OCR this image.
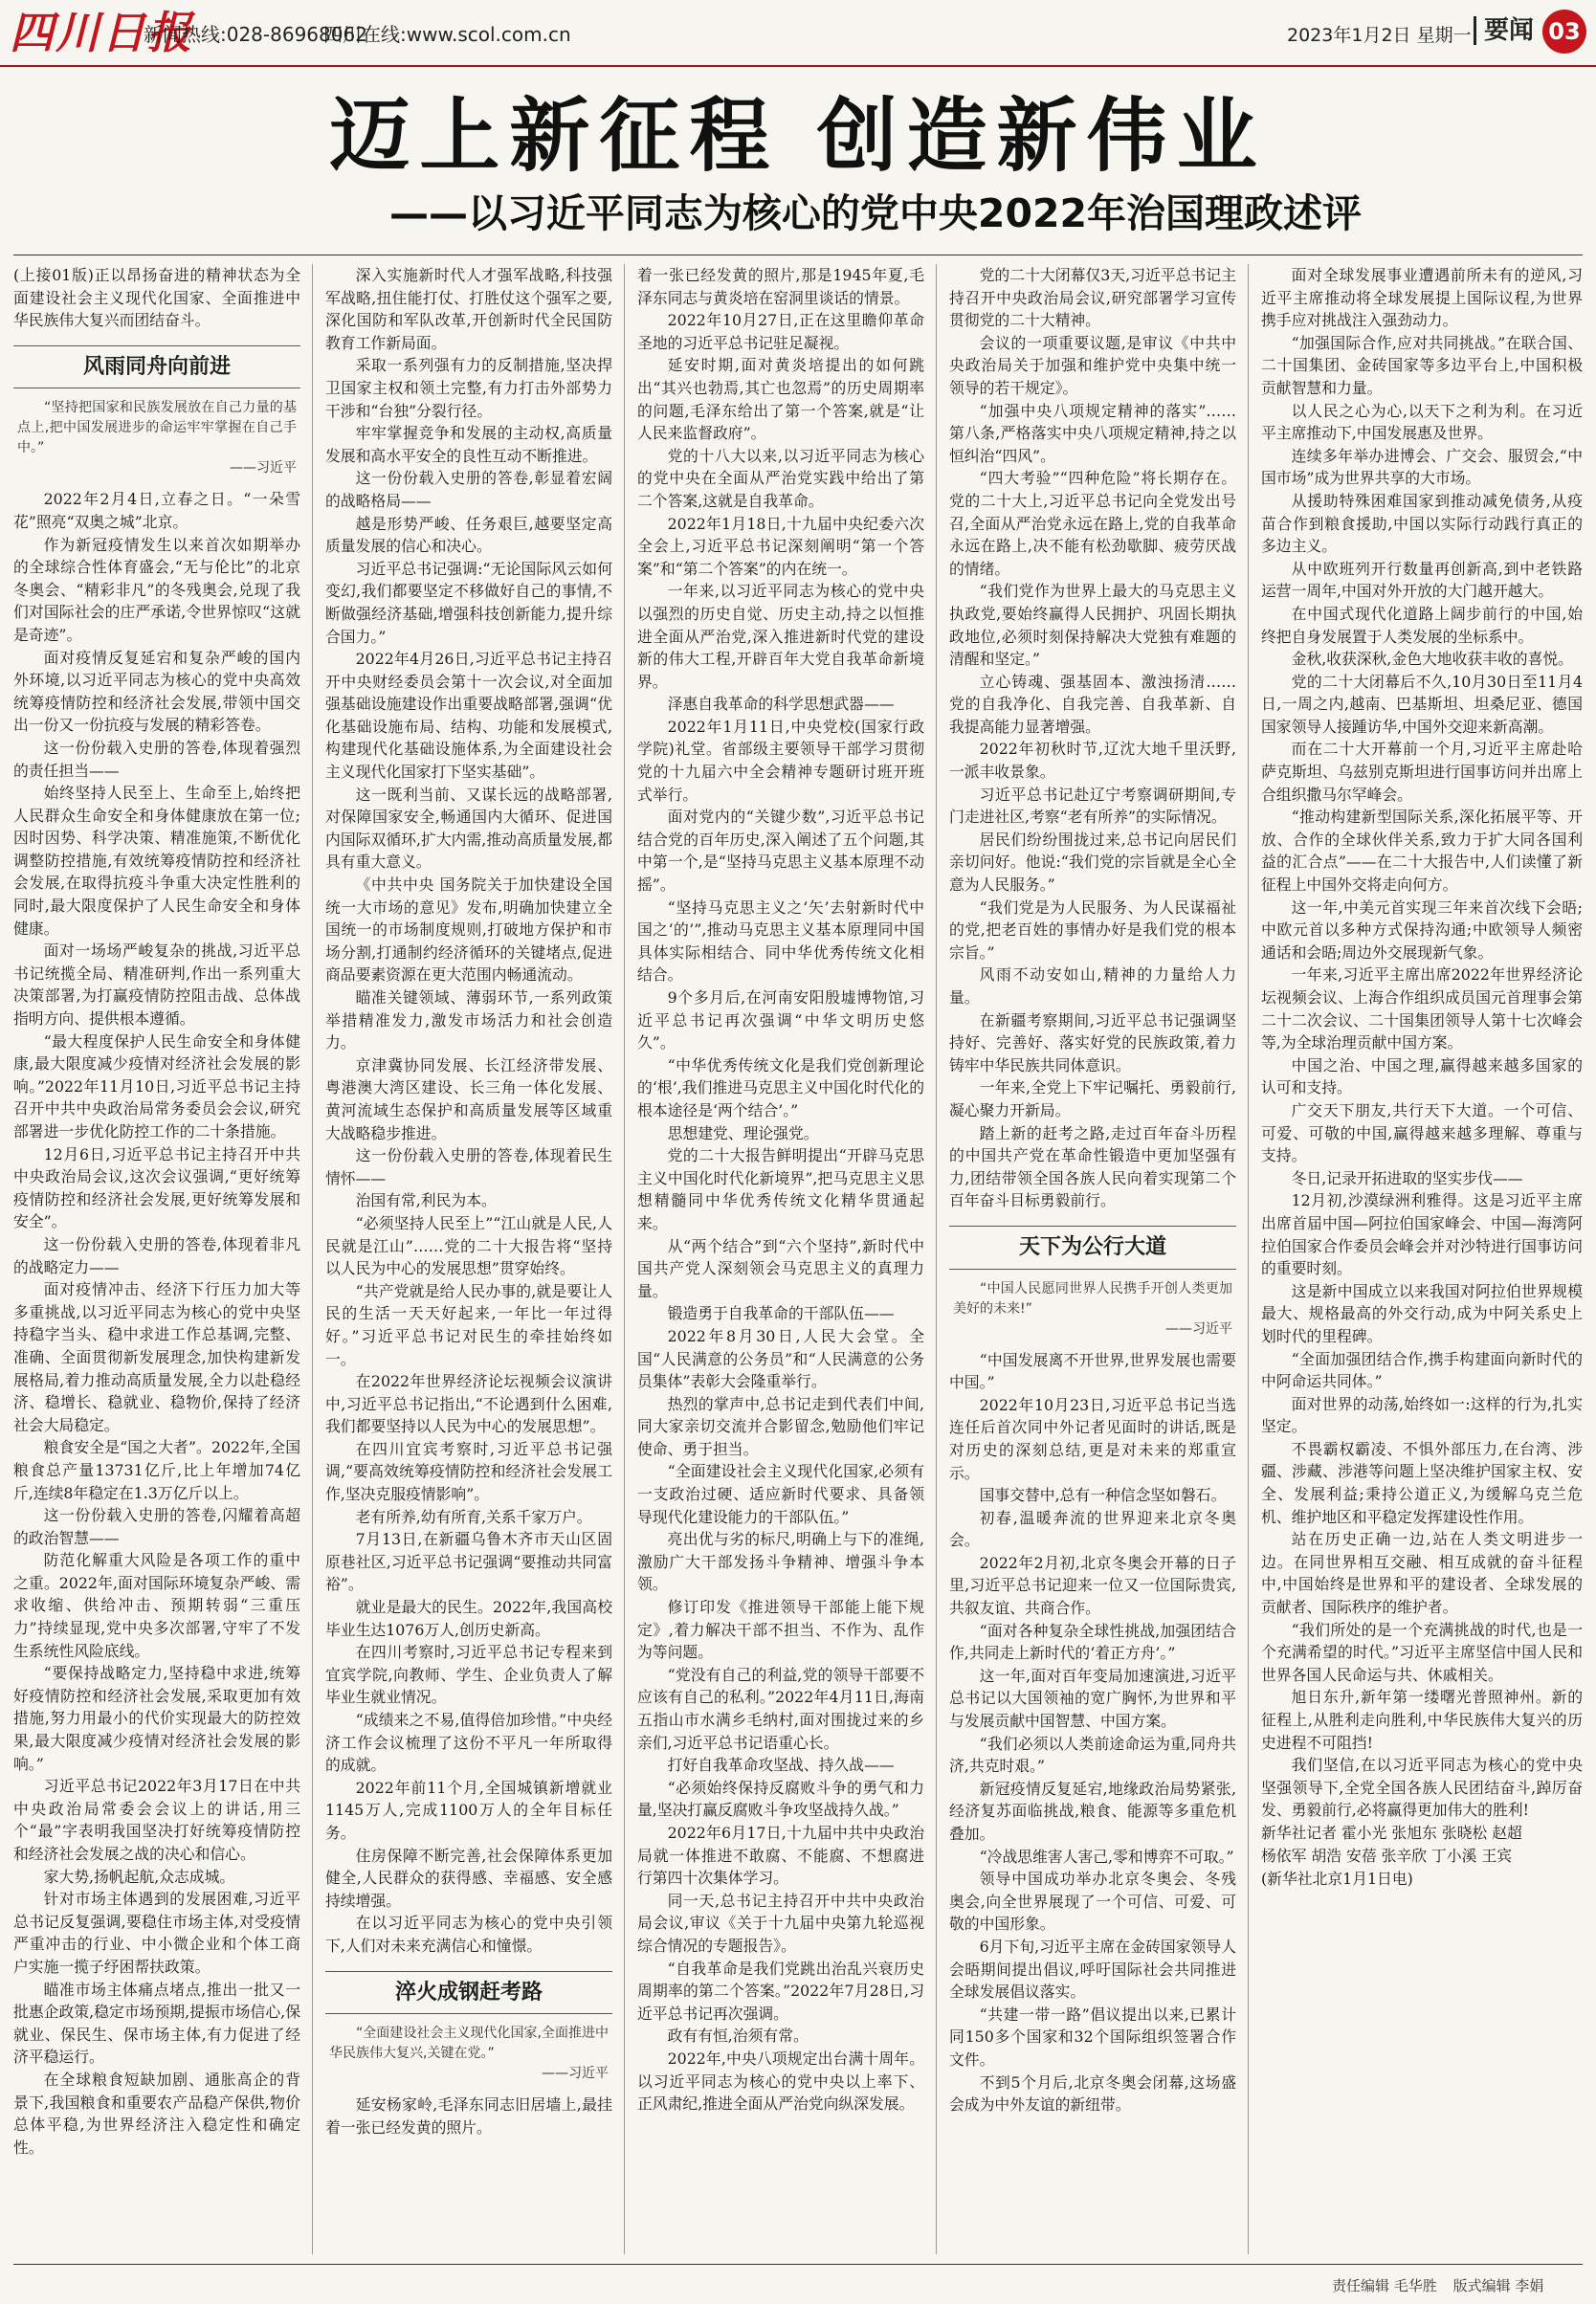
四川日报
新闻热线:028-86968062
四川在线:www.scol.com.cn	2023年1月2日 星期一 要闻 03
迈上新征程 创造新伟业
——以习近平同志为核心的党中央2022年治国理政述评

(上接01版)正以昂扬奋进的精神状态为全面建设社会主义现代化国家、全面推进中华民族伟大复兴而团结奋斗。

风雨同舟向前进
“坚持把国家和民族发展放在自己力量的基点上,把中国发展进步的命运牢牢掌握在自己手中。”
——习近平

2022年2月4日,立春之日。“一朵雪花”照亮“双奥之城”北京。

作为新冠疫情发生以来首次如期举办的全球综合性体育盛会,“无与伦比”的北京冬奥会、“精彩非凡”的冬残奥会,兑现了我们对国际社会的庄严承诺,令世界惊叹“这就是奇迹”。

面对疫情反复延宕和复杂严峻的国内外环境,以习近平同志为核心的党中央高效统筹疫情防控和经济社会发展,带领中国交出一份又一份抗疫与发展的精彩答卷。

这一份份载入史册的答卷,体现着强烈的责任担当——

始终坚持人民至上、生命至上,始终把人民群众生命安全和身体健康放在第一位;因时因势、科学决策、精准施策,不断优化调整防控措施,有效统筹疫情防控和经济社会发展,在取得抗疫斗争重大决定性胜利的同时,最大限度保护了人民生命安全和身体健康。

面对一场场严峻复杂的挑战,习近平总书记统揽全局、精准研判,作出一系列重大决策部署,为打赢疫情防控阻击战、总体战指明方向、提供根本遵循。

“最大程度保护人民生命安全和身体健康,最大限度减少疫情对经济社会发展的影响。”2022年11月10日,习近平总书记主持召开中共中央政治局常务委员会会议,研究部署进一步优化防控工作的二十条措施。

12月6日,习近平总书记主持召开中共中央政治局会议,这次会议强调,“更好统筹疫情防控和经济社会发展,更好统筹发展和安全”。

这一份份载入史册的答卷,体现着非凡的战略定力——

面对疫情冲击、经济下行压力加大等多重挑战,以习近平同志为核心的党中央坚持稳字当头、稳中求进工作总基调,完整、准确、全面贯彻新发展理念,加快构建新发展格局,着力推动高质量发展,全力以赴稳经济、稳增长、稳就业、稳物价,保持了经济社会大局稳定。

粮食安全是“国之大者”。2022年,全国粮食总产量13731亿斤,比上年增加74亿斤,连续8年稳定在1.3万亿斤以上。

这一份份载入史册的答卷,闪耀着高超的政治智慧——

防范化解重大风险是各项工作的重中之重。2022年,面对国际环境复杂严峻、需求收缩、供给冲击、预期转弱“三重压力”持续显现,党中央多次部署,守牢了不发生系统性风险底线。

“要保持战略定力,坚持稳中求进,统筹好疫情防控和经济社会发展,采取更加有效措施,努力用最小的代价实现最大的防控效果,最大限度减少疫情对经济社会发展的影响。”

习近平总书记2022年3月17日在中共中央政治局常委会会议上的讲话,用三个“最”字表明我国坚决打好统筹疫情防控和经济社会发展之战的决心和信心。

家大势,扬帆起航,众志成城。

针对市场主体遇到的发展困难,习近平总书记反复强调,要稳住市场主体,对受疫情严重冲击的行业、中小微企业和个体工商户实施一揽子纾困帮扶政策。

瞄准市场主体痛点堵点,推出一批又一批惠企政策,稳定市场预期,提振市场信心,保就业、保民生、保市场主体,有力促进了经济平稳运行。

在全球粮食短缺加剧、通胀高企的背景下,我国粮食和重要农产品稳产保供,物价总体平稳,为世界经济注入稳定性和确定性。

深入实施新时代人才强军战略,科技强军战略,扭住能打仗、打胜仗这个强军之要,深化国防和军队改革,开创新时代全民国防教育工作新局面。

采取一系列强有力的反制措施,坚决捍卫国家主权和领土完整,有力打击外部势力干涉和“台独”分裂行径。

牢牢掌握竞争和发展的主动权,高质量发展和高水平安全的良性互动不断推进。

这一份份载入史册的答卷,彰显着宏阔的战略格局——

越是形势严峻、任务艰巨,越要坚定高质量发展的信心和决心。

习近平总书记强调:“无论国际风云如何变幻,我们都要坚定不移做好自己的事情,不断做强经济基础,增强科技创新能力,提升综合国力。”

2022年4月26日,习近平总书记主持召开中央财经委员会第十一次会议,对全面加强基础设施建设作出重要战略部署,强调“优化基础设施布局、结构、功能和发展模式,构建现代化基础设施体系,为全面建设社会主义现代化国家打下坚实基础”。

这一既利当前、又谋长远的战略部署,对保障国家安全,畅通国内大循环、促进国内国际双循环,扩大内需,推动高质量发展,都具有重大意义。

《中共中央 国务院关于加快建设全国统一大市场的意见》发布,明确加快建立全国统一的市场制度规则,打破地方保护和市场分割,打通制约经济循环的关键堵点,促进商品要素资源在更大范围内畅通流动。

瞄准关键领域、薄弱环节,一系列政策举措精准发力,激发市场活力和社会创造力。

京津冀协同发展、长江经济带发展、粤港澳大湾区建设、长三角一体化发展、黄河流域生态保护和高质量发展等区域重大战略稳步推进。

这一份份载入史册的答卷,体现着民生情怀——

治国有常,利民为本。

“必须坚持人民至上”“江山就是人民,人民就是江山”……党的二十大报告将“坚持以人民为中心的发展思想”贯穿始终。

“共产党就是给人民办事的,就是要让人民的生活一天天好起来,一年比一年过得好。”习近平总书记对民生的牵挂始终如一。

在2022年世界经济论坛视频会议演讲中,习近平总书记指出,“不论遇到什么困难,我们都要坚持以人民为中心的发展思想”。

在四川宜宾考察时,习近平总书记强调,“要高效统筹疫情防控和经济社会发展工作,坚决克服疫情影响”。

老有所养,幼有所育,关系千家万户。

7月13日,在新疆乌鲁木齐市天山区固原巷社区,习近平总书记强调“要推动共同富裕”。

就业是最大的民生。2022年,我国高校毕业生达1076万人,创历史新高。

在四川考察时,习近平总书记专程来到宜宾学院,向教师、学生、企业负责人了解毕业生就业情况。

“成绩来之不易,值得倍加珍惜。”中央经济工作会议梳理了这份不平凡一年所取得的成就。

2022年前11个月,全国城镇新增就业1145万人,完成1100万人的全年目标任务。

住房保障不断完善,社会保障体系更加健全,人民群众的获得感、幸福感、安全感持续增强。

在以习近平同志为核心的党中央引领下,人们对未来充满信心和憧憬。

淬火成钢赶考路
“全面建设社会主义现代化国家,全面推进中华民族伟大复兴,关键在党。”
——习近平

延安杨家岭,毛泽东同志旧居墙上,最挂着一张已经发黄的照片。

着一张已经发黄的照片,那是1945年夏,毛泽东同志与黄炎培在窑洞里谈话的情景。

2022年10月27日,正在这里瞻仰革命圣地的习近平总书记驻足凝视。

延安时期,面对黄炎培提出的如何跳出“其兴也勃焉,其亡也忽焉”的历史周期率的问题,毛泽东给出了第一个答案,就是“让人民来监督政府”。

党的十八大以来,以习近平同志为核心的党中央在全面从严治党实践中给出了第二个答案,这就是自我革命。

2022年1月18日,十九届中央纪委六次全会上,习近平总书记深刻阐明“第一个答案”和“第二个答案”的内在统一。

一年来,以习近平同志为核心的党中央以强烈的历史自觉、历史主动,持之以恒推进全面从严治党,深入推进新时代党的建设新的伟大工程,开辟百年大党自我革命新境界。

泽惠自我革命的科学思想武器——

2022年1月11日,中央党校(国家行政学院)礼堂。省部级主要领导干部学习贯彻党的十九届六中全会精神专题研讨班开班式举行。

面对党内的“关键少数”,习近平总书记结合党的百年历史,深入阐述了五个问题,其中第一个,是“坚持马克思主义基本原理不动摇”。

“坚持马克思主义之‘矢’去射新时代中国之‘的’”,推动马克思主义基本原理同中国具体实际相结合、同中华优秀传统文化相结合。

9个多月后,在河南安阳殷墟博物馆,习近平总书记再次强调“中华文明历史悠久”。

“中华优秀传统文化是我们党创新理论的‘根’,我们推进马克思主义中国化时代化的根本途径是‘两个结合’。”

思想建党、理论强党。

党的二十大报告鲜明提出“开辟马克思主义中国化时代化新境界”,把马克思主义思想精髓同中华优秀传统文化精华贯通起来。

从“两个结合”到“六个坚持”,新时代中国共产党人深刻领会马克思主义的真理力量。

锻造勇于自我革命的干部队伍——

2022年8月30日,人民大会堂。全国“人民满意的公务员”和“人民满意的公务员集体”表彰大会隆重举行。

热烈的掌声中,总书记走到代表们中间,同大家亲切交流并合影留念,勉励他们牢记使命、勇于担当。

“全面建设社会主义现代化国家,必须有一支政治过硬、适应新时代要求、具备领导现代化建设能力的干部队伍。”

亮出优与劣的标尺,明确上与下的准绳,激励广大干部发扬斗争精神、增强斗争本领。

修订印发《推进领导干部能上能下规定》,着力解决干部不担当、不作为、乱作为等问题。

“党没有自己的利益,党的领导干部要不应该有自己的私利。”2022年4月11日,海南五指山市水满乡毛纳村,面对围拢过来的乡亲们,习近平总书记语重心长。

打好自我革命攻坚战、持久战——

“必须始终保持反腐败斗争的勇气和力量,坚决打赢反腐败斗争攻坚战持久战。”

2022年6月17日,十九届中共中央政治局就一体推进不敢腐、不能腐、不想腐进行第四十次集体学习。

同一天,总书记主持召开中共中央政治局会议,审议《关于十九届中央第九轮巡视综合情况的专题报告》。

“自我革命是我们党跳出治乱兴衰历史周期率的第二个答案。”2022年7月28日,习近平总书记再次强调。

政有有恒,治须有常。

2022年,中央八项规定出台满十周年。以习近平同志为核心的党中央以上率下、正风肃纪,推进全面从严治党向纵深发展。

党的二十大闭幕仅3天,习近平总书记主持召开中央政治局会议,研究部署学习宣传贯彻党的二十大精神。

会议的一项重要议题,是审议《中共中央政治局关于加强和维护党中央集中统一领导的若干规定》。

“加强中央八项规定精神的落实”……第八条,严格落实中央八项规定精神,持之以恒纠治“四风”。

“四大考验”“四种危险”将长期存在。党的二十大上,习近平总书记向全党发出号召,全面从严治党永远在路上,党的自我革命永远在路上,决不能有松劲歇脚、疲劳厌战的情绪。

“我们党作为世界上最大的马克思主义执政党,要始终赢得人民拥护、巩固长期执政地位,必须时刻保持解决大党独有难题的清醒和坚定。”

立心铸魂、强基固本、激浊扬清……党的自我净化、自我完善、自我革新、自我提高能力显著增强。

2022年初秋时节,辽沈大地千里沃野,一派丰收景象。

习近平总书记赴辽宁考察调研期间,专门走进社区,考察“老有所养”的实际情况。

居民们纷纷围拢过来,总书记向居民们亲切问好。他说:“我们党的宗旨就是全心全意为人民服务。”

“我们党是为人民服务、为人民谋福祉的党,把老百姓的事情办好是我们党的根本宗旨。”

风雨不动安如山,精神的力量给人力量。

在新疆考察期间,习近平总书记强调坚持好、完善好、落实好党的民族政策,着力铸牢中华民族共同体意识。

一年来,全党上下牢记嘱托、勇毅前行,凝心聚力开新局。

踏上新的赶考之路,走过百年奋斗历程的中国共产党在革命性锻造中更加坚强有力,团结带领全国各族人民向着实现第二个百年奋斗目标勇毅前行。

天下为公行大道
“中国人民愿同世界人民携手开创人类更加美好的未来!”
——习近平

“中国发展离不开世界,世界发展也需要中国。”

2022年10月23日,习近平总书记当选连任后首次同中外记者见面时的讲话,既是对历史的深刻总结,更是对未来的郑重宣示。

国事交替中,总有一种信念坚如磐石。

初春,温暖奔流的世界迎来北京冬奥会。

2022年2月初,北京冬奥会开幕的日子里,习近平总书记迎来一位又一位国际贵宾,共叙友谊、共商合作。

“面对各种复杂全球性挑战,加强团结合作,共同走上新时代的‘着正方舟’。”

这一年,面对百年变局加速演进,习近平总书记以大国领袖的宽广胸怀,为世界和平与发展贡献中国智慧、中国方案。

“我们必须以人类前途命运为重,同舟共济,共克时艰。”

新冠疫情反复延宕,地缘政治局势紧张,经济复苏面临挑战,粮食、能源等多重危机叠加。

“冷战思维害人害己,零和博弈不可取。”

领导中国成功举办北京冬奥会、冬残奥会,向全世界展现了一个可信、可爱、可敬的中国形象。

6月下旬,习近平主席在金砖国家领导人会晤期间提出倡议,呼吁国际社会共同推进全球发展倡议落实。

“共建一带一路”倡议提出以来,已累计同150多个国家和32个国际组织签署合作文件。

不到5个月后,北京冬奥会闭幕,这场盛会成为中外友谊的新纽带。

面对全球发展事业遭遇前所未有的逆风,习近平主席推动将全球发展提上国际议程,为世界携手应对挑战注入强劲动力。

“加强国际合作,应对共同挑战。”在联合国、二十国集团、金砖国家等多边平台上,中国积极贡献智慧和力量。

以人民之心为心,以天下之利为利。在习近平主席推动下,中国发展惠及世界。

连续多年举办进博会、广交会、服贸会,“中国市场”成为世界共享的大市场。

从援助特殊困难国家到推动减免债务,从疫苗合作到粮食援助,中国以实际行动践行真正的多边主义。

从中欧班列开行数量再创新高,到中老铁路运营一周年,中国对外开放的大门越开越大。

在中国式现代化道路上阔步前行的中国,始终把自身发展置于人类发展的坐标系中。

金秋,收获深秋,金色大地收获丰收的喜悦。

党的二十大闭幕后不久,10月30日至11月4日,一周之内,越南、巴基斯坦、坦桑尼亚、德国国家领导人接踵访华,中国外交迎来新高潮。

而在二十大开幕前一个月,习近平主席赴哈萨克斯坦、乌兹别克斯坦进行国事访问并出席上合组织撒马尔罕峰会。

“推动构建新型国际关系,深化拓展平等、开放、合作的全球伙伴关系,致力于扩大同各国利益的汇合点”——在二十大报告中,人们读懂了新征程上中国外交将走向何方。

这一年,中美元首实现三年来首次线下会晤;中欧元首以多种方式保持沟通;中欧领导人频密通话和会晤;周边外交展现新气象。

一年来,习近平主席出席2022年世界经济论坛视频会议、上海合作组织成员国元首理事会第二十二次会议、二十国集团领导人第十七次峰会等,为全球治理贡献中国方案。

中国之治、中国之理,赢得越来越多国家的认可和支持。

广交天下朋友,共行天下大道。一个可信、可爱、可敬的中国,赢得越来越多理解、尊重与支持。

冬日,记录开拓进取的坚实步伐——

12月初,沙漠绿洲利雅得。这是习近平主席出席首届中国—阿拉伯国家峰会、中国—海湾阿拉伯国家合作委员会峰会并对沙特进行国事访问的重要时刻。

这是新中国成立以来我国对阿拉伯世界规模最大、规格最高的外交行动,成为中阿关系史上划时代的里程碑。

“全面加强团结合作,携手构建面向新时代的中阿命运共同体。”

面对世界的动荡,始终如一:这样的行为,扎实坚定。

不畏霸权霸凌、不惧外部压力,在台湾、涉疆、涉藏、涉港等问题上坚决维护国家主权、安全、发展利益;秉持公道正义,为缓解乌克兰危机、维护地区和平稳定发挥建设性作用。

站在历史正确一边,站在人类文明进步一边。在同世界相互交融、相互成就的奋斗征程中,中国始终是世界和平的建设者、全球发展的贡献者、国际秩序的维护者。

“我们所处的是一个充满挑战的时代,也是一个充满希望的时代。”习近平主席坚信中国人民和世界各国人民命运与共、休戚相关。

旭日东升,新年第一缕曙光普照神州。新的征程上,从胜利走向胜利,中华民族伟大复兴的历史进程不可阻挡!

我们坚信,在以习近平同志为核心的党中央坚强领导下,全党全国各族人民团结奋斗,踔厉奋发、勇毅前行,必将赢得更加伟大的胜利!

新华社记者 霍小光 张旭东 张晓松 赵超
杨依军 胡浩 安蓓 张辛欣 丁小溪 王宾
(新华社北京1月1日电)

责任编辑 毛华胜 版式编辑 李娟
